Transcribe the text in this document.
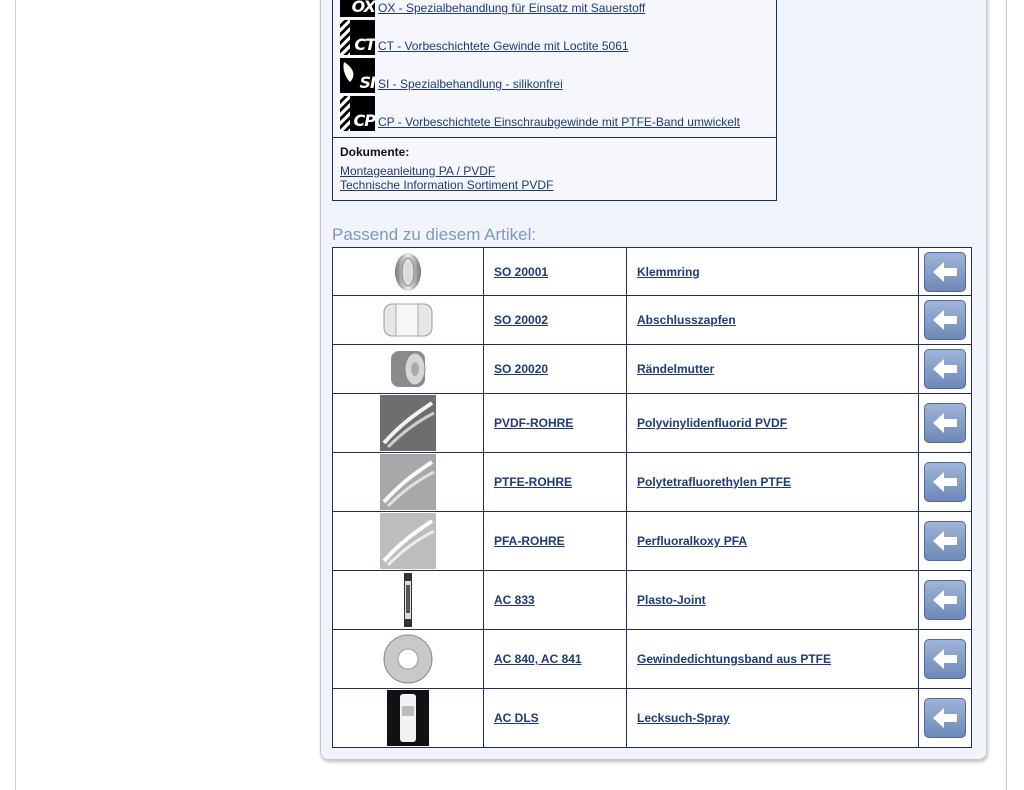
OX OX - Spezialbehandlung für Einsatz mit Sauerstoff
CT CT - Vorbeschichtete Gewinde mit Loctite 5061
SI SI - Spezialbehandlung - silikonfrei
CP CP - Vorbeschichtete Einschraubgewinde mit PTFE-Band umwickelt
Dokumente:
Montageanleitung PA / PVDF
Technische Information Sortiment PVDF
Passend zu diesem Artikel:
	SO 20001	Klemmring	

	SO 20002	Abschlusszapfen	

	SO 20020	Rändelmutter	

	PVDF-ROHRE	Polyvinylidenfluorid PVDF	

	PTFE-ROHRE	Polytetrafluorethylen PTFE	

	PFA-ROHRE	Perfluoralkoxy PFA	

	AC 833	Plasto-Joint	

	AC 840, AC 841	Gewindedichtungsband aus PTFE	

	AC DLS	Lecksuch-Spray	
